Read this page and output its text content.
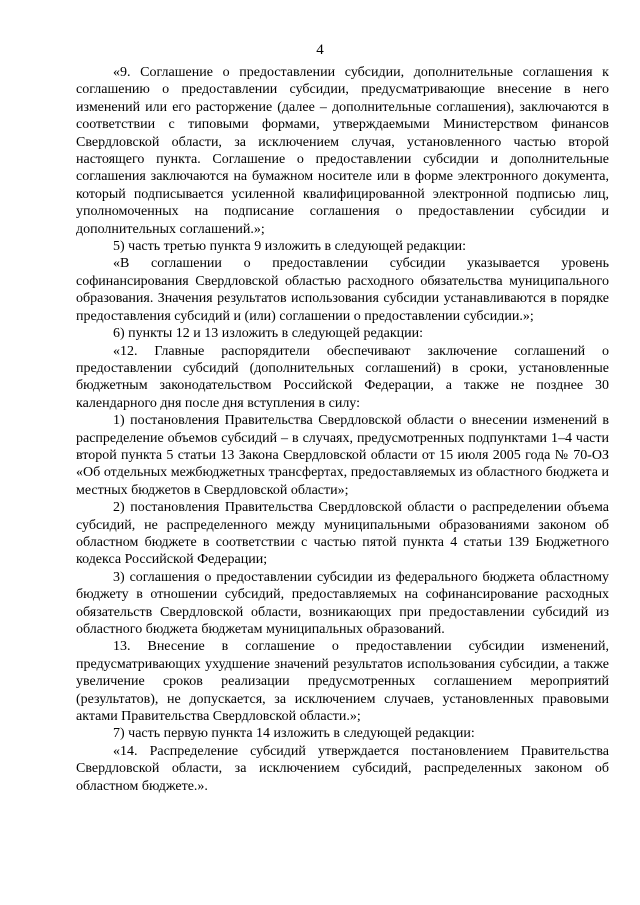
4

«9. Соглашение о предоставлении субсидии, дополнительные соглашения к соглашению о предоставлении субсидии, предусматривающие внесение в него изменений или его расторжение (далее – дополнительные соглашения), заключаются в соответствии с типовыми формами, утверждаемыми Министерством финансов Свердловской области, за исключением случая, установленного частью второй настоящего пункта. Соглашение о предоставлении субсидии и дополнительные соглашения заключаются на бумажном носителе или в форме электронного документа, который подписывается усиленной квалифицированной электронной подписью лиц, уполномоченных на подписание соглашения о предоставлении субсидии и дополнительных соглашений.»;

5) часть третью пункта 9 изложить в следующей редакции:

«В соглашении о предоставлении субсидии указывается уровень софинансирования Свердловской областью расходного обязательства муниципального образования. Значения результатов использования субсидии устанавливаются в порядке предоставления субсидий и (или) соглашении о предоставлении субсидии.»;

6) пункты 12 и 13 изложить в следующей редакции:

«12. Главные распорядители обеспечивают заключение соглашений о предоставлении субсидий (дополнительных соглашений) в сроки, установленные бюджетным законодательством Российской Федерации, а также не позднее 30 календарного дня после дня вступления в силу:

1) постановления Правительства Свердловской области о внесении изменений в распределение объемов субсидий – в случаях, предусмотренных подпунктами 1–4 части второй пункта 5 статьи 13 Закона Свердловской области от 15 июля 2005 года № 70-ОЗ «Об отдельных межбюджетных трансфертах, предоставляемых из областного бюджета и местных бюджетов в Свердловской области»;

2) постановления Правительства Свердловской области о распределении объема субсидий, не распределенного между муниципальными образованиями законом об областном бюджете в соответствии с частью пятой пункта 4 статьи 139 Бюджетного кодекса Российской Федерации;

3) соглашения о предоставлении субсидии из федерального бюджета областному бюджету в отношении субсидий, предоставляемых на софинансирование расходных обязательств Свердловской области, возникающих при предоставлении субсидий из областного бюджета бюджетам муниципальных образований.

13. Внесение в соглашение о предоставлении субсидии изменений, предусматривающих ухудшение значений результатов использования субсидии, а также увеличение сроков реализации предусмотренных соглашением мероприятий (результатов), не допускается, за исключением случаев, установленных правовыми актами Правительства Свердловской области.»;

7) часть первую пункта 14 изложить в следующей редакции:

«14. Распределение субсидий утверждается постановлением Правительства Свердловской области, за исключением субсидий, распределенных законом об областном бюджете.».
